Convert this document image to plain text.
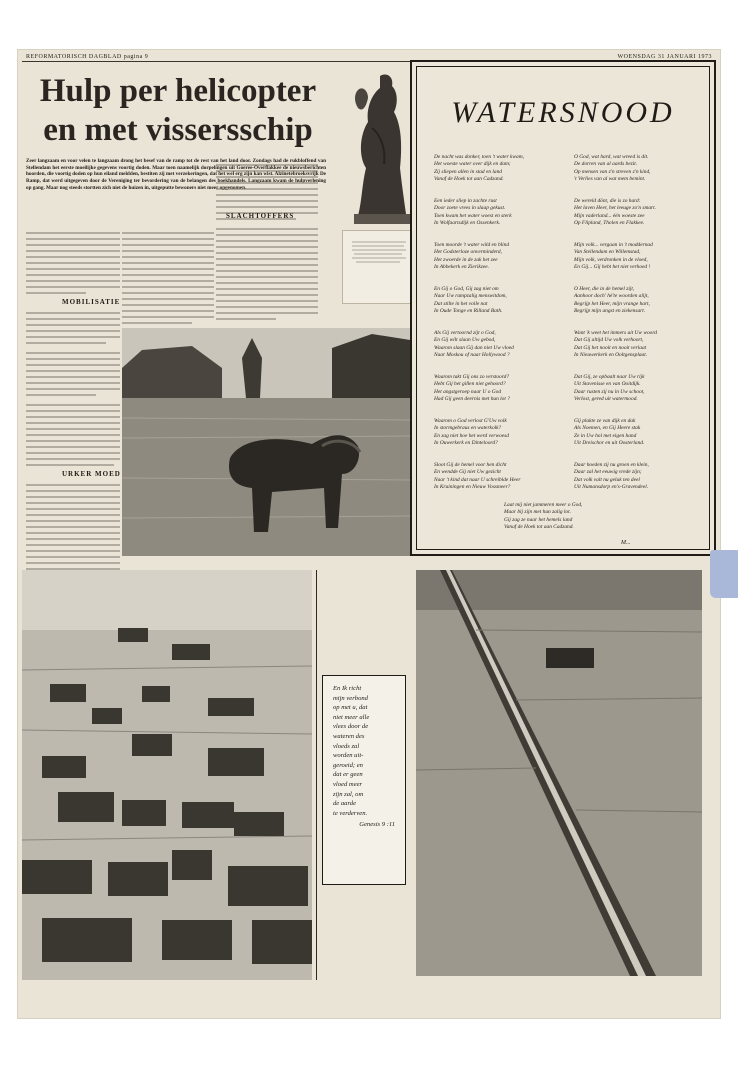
REFORMATORISCH DAGBLAD pagina 9	WOENSDAG 31 JANUARI 1973
Hulp per helicopter en met vissersschip
Zeer langzaam en voor velen te langzaam drong het besef van de ramp tot de rest van het land door. Zondags had de rukbloffend van Stellendam het eerste moeilijke gegevens voortig doden. Maar toen naamelijk dorpelingen uit Goeree-Overflakkee de nieuwsberichten hoorden, die voortig doden op hun eiland meldden, bestiten zij met verzekeringen, dat het wel erg zijn kan wist. Alzinetebroeksvrijk De Ramp, dat werd uitgegeven door de Vereniging ter bevordering van de belangen des boekhandels. Langzaam kwam de hulpverlening op gang. Maar nog steeds stortten zich niet de huizen in, uitgeputte bewoners niet meer opgenomen.
MOBILISATIE
URKER MOED
SLACHTOFFERS
WATERSNOOD
Laat mij niet jammeren meer o God,
Maar bij zijn met hun zalig lot.
Gij zag ze naar het hemels land
Vanaf de Hoek tot aan Cadzand.
M...
De nacht was donker, toen 't water kwam,
Het woeste water over dijk en dam;
Zij sliepen allen in stad en land
Vanaf de Hoek tot aan Cadzand.
Een ieder sliep in zachte rust
Door zoete vrees in slaap gekust.
Toen kwam het water woest en sterk
In Wolfaartsdijk en Ossenkerk.
Toen moorde 't water wild en blind
Het Godsterloze onverminderd,
Het zwoerde in de zak het zee
In Abbekerk en Zierikzee.
En Gij o God, Gij zag niet om
Naar Uw rampzalig menswitdom,
Dat stilte in het volle nat
In Oude Tonge en Rilland Bath.
Als Gij vertoornd zijt o God,
En Gij wilt slaan Uw gebod,
Waarom slaan Gij dan niet Uw vloed
Naar Moskou of naar Hollywood ?
Waarom takt Gij ons zo verstoord?
Hebt Gij het gillen niet gehoord?
Het angstgeroep naar U o God
Had Gij geen deernis met hun lot ?
Waarom o God verlost G'Uw volk
In stormgebraus en waterkolk?
En zag niet hoe het werd verwoesd
In Ouwerkerk en Dinteloord?
Sloot Gij de hemel voor hen dicht
En wendde Gij niet Uw gezicht
Naar 't kind dat naar U schreiblde Heer
In Kruiningen en Nieuw Vossmeer?
O God, wat hard, wat wreed is dit.
De dorren van al aards bezit.
Op mensen van z'n streven z'n kind,
't Verlies van al wat mem bemint.
De wereld dönt, die is zo hard:
Het laven Heer, het leeuge zo'n smart.
Mijn vaderland... één woeste zee
Op Flipland, Tholen en Flakkee.
Mijn volk... vergaan in 't moddernad
Van Stellendam en Willemstad,
Mijn volk, verdronken in de vloed,
En Gij... Gij hebt het niet verhoed !
O Heer, die in de hemel zijt,
Aanhoor doch' hé'te woorden alijt,
Begrijp het Heer, mijn vrange hart,
Begrijp mijn angst en ziekensart.
Want 'k weet het immers uit Uw woord
Dat Gij altijd Uw volk verhoort,
Dat Gij het nooit en nooit verlaat
In Nieuwerkerk en Ooltgensplaat.
Dat Gij, ze opbaalt naar Uw rijk
Uit Stavenisse en van Ooitdijk.
Daar rusten zij nu in Uw schoot,
Verlost, gered uit watermood.
Gij plakte ze van dijk en dak
Als Noemen, en Gij Heere stak
Ze in Uw hol met eigen hand
Uit Dreischor en uit Oosterland.
Daar hoeden zij nu groen en klein,
Daar zal het eeuwig vrede zijn;
Dat volk valt nu geluk ten deel
Uit Numansdorp en's-Gravendeel.
En Ik richt
mijn verbond
op met u, dat
niet meer alle
vlees door de
wateren des
vloeds zal
worden uit-
geroeid; en
dat er geen
vloed meer
zijn zal, om
de aarde
te verderven.
Genesis 9 :11
